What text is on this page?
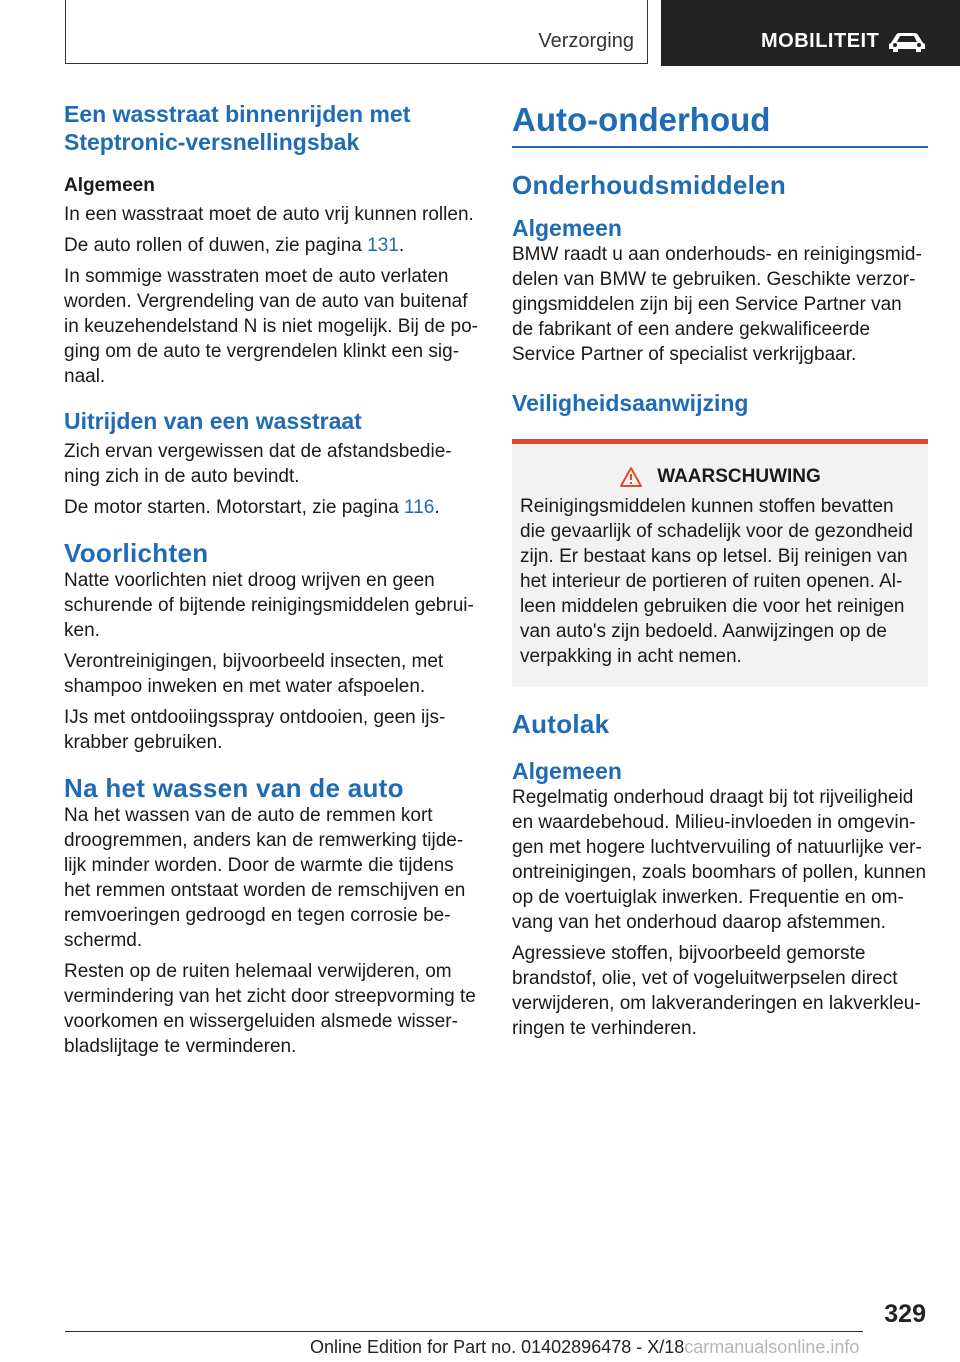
Verzorging	MOBILITEIT
Een wasstraat binnenrijden met Steptronic-versnellingsbak
Algemeen

In een wasstraat moet de auto vrij kunnen rollen.

De auto rollen of duwen, zie pagina 131.

In sommige wasstraten moet de auto verlaten worden. Vergrendeling van de auto van buitenaf in keuzehendelstand N is niet mogelijk. Bij de po-ging om de auto te vergrendelen klinkt een sig-naal.

Uitrijden van een wasstraat

Zich ervan vergewissen dat de afstandsbedie-ning zich in de auto bevindt.

De motor starten. Motorstart, zie pagina 116.

Voorlichten

Natte voorlichten niet droog wrijven en geen schurende of bijtende reinigingsmiddelen gebrui-ken.

Verontreinigingen, bijvoorbeeld insecten, met shampoo inweken en met water afspoelen.

IJs met ontdooiingsspray ontdooien, geen ijs-krabber gebruiken.

Na het wassen van de auto

Na het wassen van de auto de remmen kort droogremmen, anders kan de remwerking tijde-lijk minder worden. Door de warmte die tijdens het remmen ontstaat worden de remschijven en remvoeringen gedroogd en tegen corrosie be-schermd.

Resten op de ruiten helemaal verwijderen, om vermindering van het zicht door streepvorming te voorkomen en wissergeluiden alsmede wisser-bladslijtage te verminderen.

Auto-onderhoud
Onderhoudsmiddelen
Algemeen

BMW raadt u aan onderhouds- en reinigingsmid-delen van BMW te gebruiken. Geschikte verzor-gingsmiddelen zijn bij een Service Partner van de fabrikant of een andere gekwalificeerde Service Partner of specialist verkrijgbaar.

Veiligheidsaanwijzing
WAARSCHUWING

Reinigingsmiddelen kunnen stoffen bevatten die gevaarlijk of schadelijk voor de gezondheid zijn. Er bestaat kans op letsel. Bij reinigen van het interieur de portieren of ruiten openen. Al-leen middelen gebruiken die voor het reinigen van auto's zijn bedoeld. Aanwijzingen op de verpakking in acht nemen.

Autolak
Algemeen

Regelmatig onderhoud draagt bij tot rijveiligheid en waardebehoud. Milieu-invloeden in omgevin-gen met hogere luchtvervuiling of natuurlijke ver-ontreinigingen, zoals boomhars of pollen, kunnen op de voertuiglak inwerken. Frequentie en om-vang van het onderhoud daarop afstemmen.

Agressieve stoffen, bijvoorbeeld gemorste brandstof, olie, vet of vogeluitwerpselen direct verwijderen, om lakveranderingen en lakverkleu-ringen te verhinderen.

329
Online Edition for Part no. 01402896478 - X/18carmanualsonline.info
